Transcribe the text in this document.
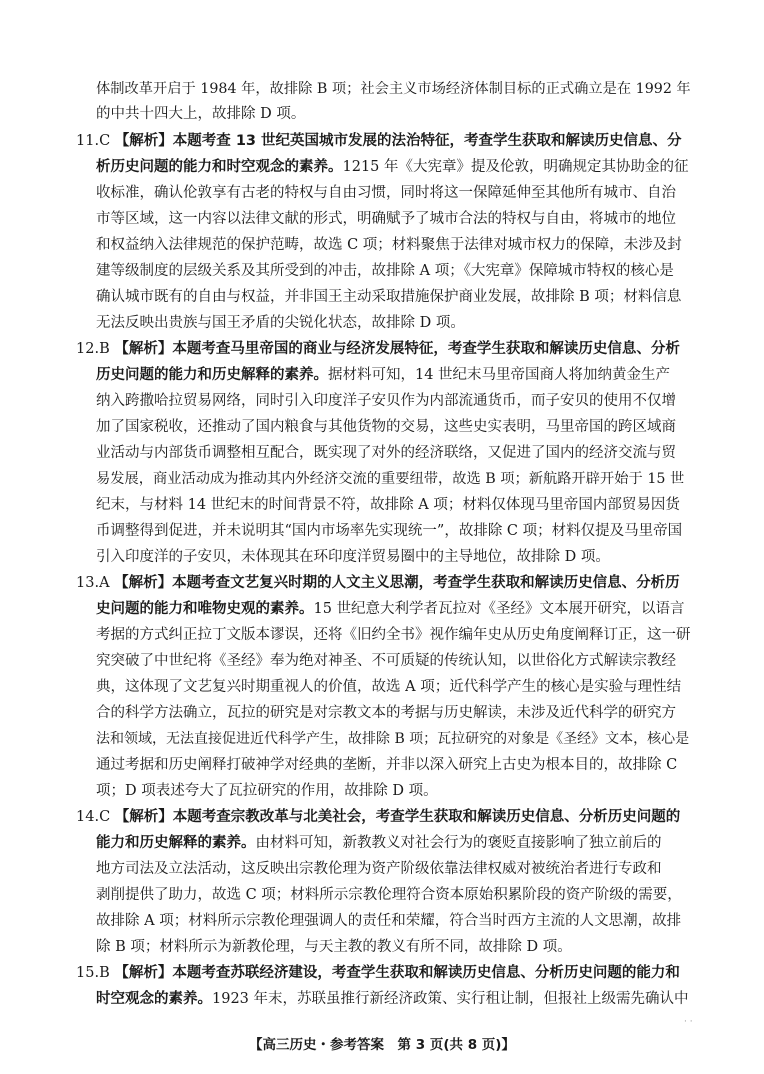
体制改革开启于 1984 年，故排除 B 项；社会主义市场经济体制目标的正式确立是在 1992 年
的中共十四大上，故排除 D 项。
11.C 【解析】本题考查 13 世纪英国城市发展的法治特征，考查学生获取和解读历史信息、分
析历史问题的能力和时空观念的素养。1215 年《大宪章》提及伦敦，明确规定其协助金的征
收标准，确认伦敦享有古老的特权与自由习惯，同时将这一保障延伸至其他所有城市、自治
市等区域，这一内容以法律文献的形式，明确赋予了城市合法的特权与自由，将城市的地位
和权益纳入法律规范的保护范畴，故选 C 项；材料聚焦于法律对城市权力的保障，未涉及封
建等级制度的层级关系及其所受到的冲击，故排除 A 项；《大宪章》保障城市特权的核心是
确认城市既有的自由与权益，并非国王主动采取措施保护商业发展，故排除 B 项；材料信息
无法反映出贵族与国王矛盾的尖锐化状态，故排除 D 项。
12.B 【解析】本题考查马里帝国的商业与经济发展特征，考查学生获取和解读历史信息、分析
历史问题的能力和历史解释的素养。据材料可知，14 世纪末马里帝国商人将加纳黄金生产
纳入跨撒哈拉贸易网络，同时引入印度洋子安贝作为内部流通货币，而子安贝的使用不仅增
加了国家税收，还推动了国内粮食与其他货物的交易，这些史实表明，马里帝国的跨区域商
业活动与内部货币调整相互配合，既实现了对外的经济联络，又促进了国内的经济交流与贸
易发展，商业活动成为推动其内外经济交流的重要纽带，故选 B 项；新航路开辟开始于 15 世
纪末，与材料 14 世纪末的时间背景不符，故排除 A 项；材料仅体现马里帝国内部贸易因货
币调整得到促进，并未说明其“国内市场率先实现统一”，故排除 C 项；材料仅提及马里帝国
引入印度洋的子安贝，未体现其在环印度洋贸易圈中的主导地位，故排除 D 项。
13.A 【解析】本题考查文艺复兴时期的人文主义思潮，考查学生获取和解读历史信息、分析历
史问题的能力和唯物史观的素养。15 世纪意大利学者瓦拉对《圣经》文本展开研究，以语言
考据的方式纠正拉丁文版本谬误，还将《旧约全书》视作编年史从历史角度阐释订正，这一研
究突破了中世纪将《圣经》奉为绝对神圣、不可质疑的传统认知，以世俗化方式解读宗教经
典，这体现了文艺复兴时期重视人的价值，故选 A 项；近代科学产生的核心是实验与理性结
合的科学方法确立，瓦拉的研究是对宗教文本的考据与历史解读，未涉及近代科学的研究方
法和领域，无法直接促进近代科学产生，故排除 B 项；瓦拉研究的对象是《圣经》文本，核心是
通过考据和历史阐释打破神学对经典的垄断，并非以深入研究上古史为根本目的，故排除 C
项；D 项表述夸大了瓦拉研究的作用，故排除 D 项。
14.C 【解析】本题考查宗教改革与北美社会，考查学生获取和解读历史信息、分析历史问题的
能力和历史解释的素养。由材料可知，新教教义对社会行为的褒贬直接影响了独立前后的
地方司法及立法活动，这反映出宗教伦理为资产阶级依靠法律权威对被统治者进行专政和
剥削提供了助力，故选 C 项；材料所示宗教伦理符合资本原始积累阶段的资产阶级的需要，
故排除 A 项；材料所示宗教伦理强调人的责任和荣耀，符合当时西方主流的人文思潮，故排
除 B 项；材料所示为新教伦理，与天主教的教义有所不同，故排除 D 项。
15.B 【解析】本题考查苏联经济建设，考查学生获取和解读历史信息、分析历史问题的能力和
时空观念的素养。1923 年末，苏联虽推行新经济政策、实行租让制，但报社上级需先确认中
· ·
【高三历史・参考答案　第 3 页(共 8 页)】
